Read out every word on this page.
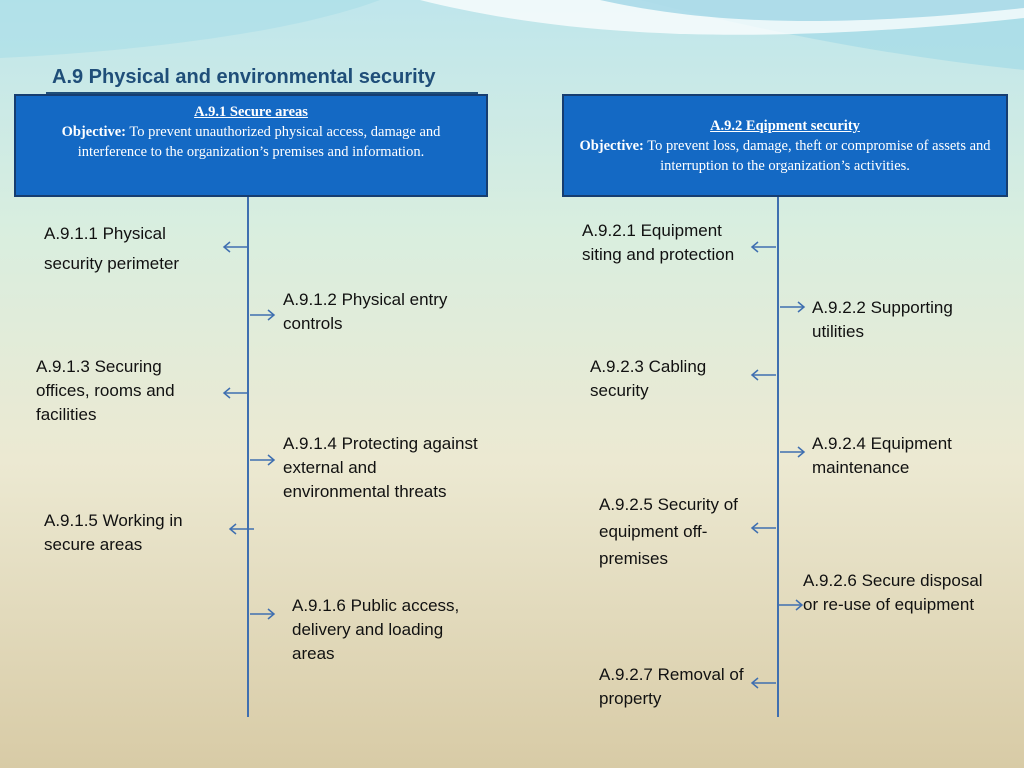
A.9 Physical and environmental security
A.9.1 Secure areas
Objective: To prevent unauthorized physical access, damage and interference to the organization’s premises and information.
A.9.2 Eqipment security
Objective: To prevent loss, damage, theft or compromise of assets and interruption to the organization’s activities.
A.9.1.1 Physical security perimeter
A.9.1.2 Physical entry controls
A.9.1.3 Securing offices, rooms and facilities
A.9.1.4 Protecting against external and environmental threats
A.9.1.5 Working in secure areas
A.9.1.6 Public access, delivery and loading areas
A.9.2.1 Equipment siting and protection
A.9.2.2 Supporting utilities
A.9.2.3 Cabling security
A.9.2.4 Equipment maintenance
A.9.2.5 Security of equipment off-premises
A.9.2.6 Secure disposal or re-use of equipment
A.9.2.7 Removal of property
